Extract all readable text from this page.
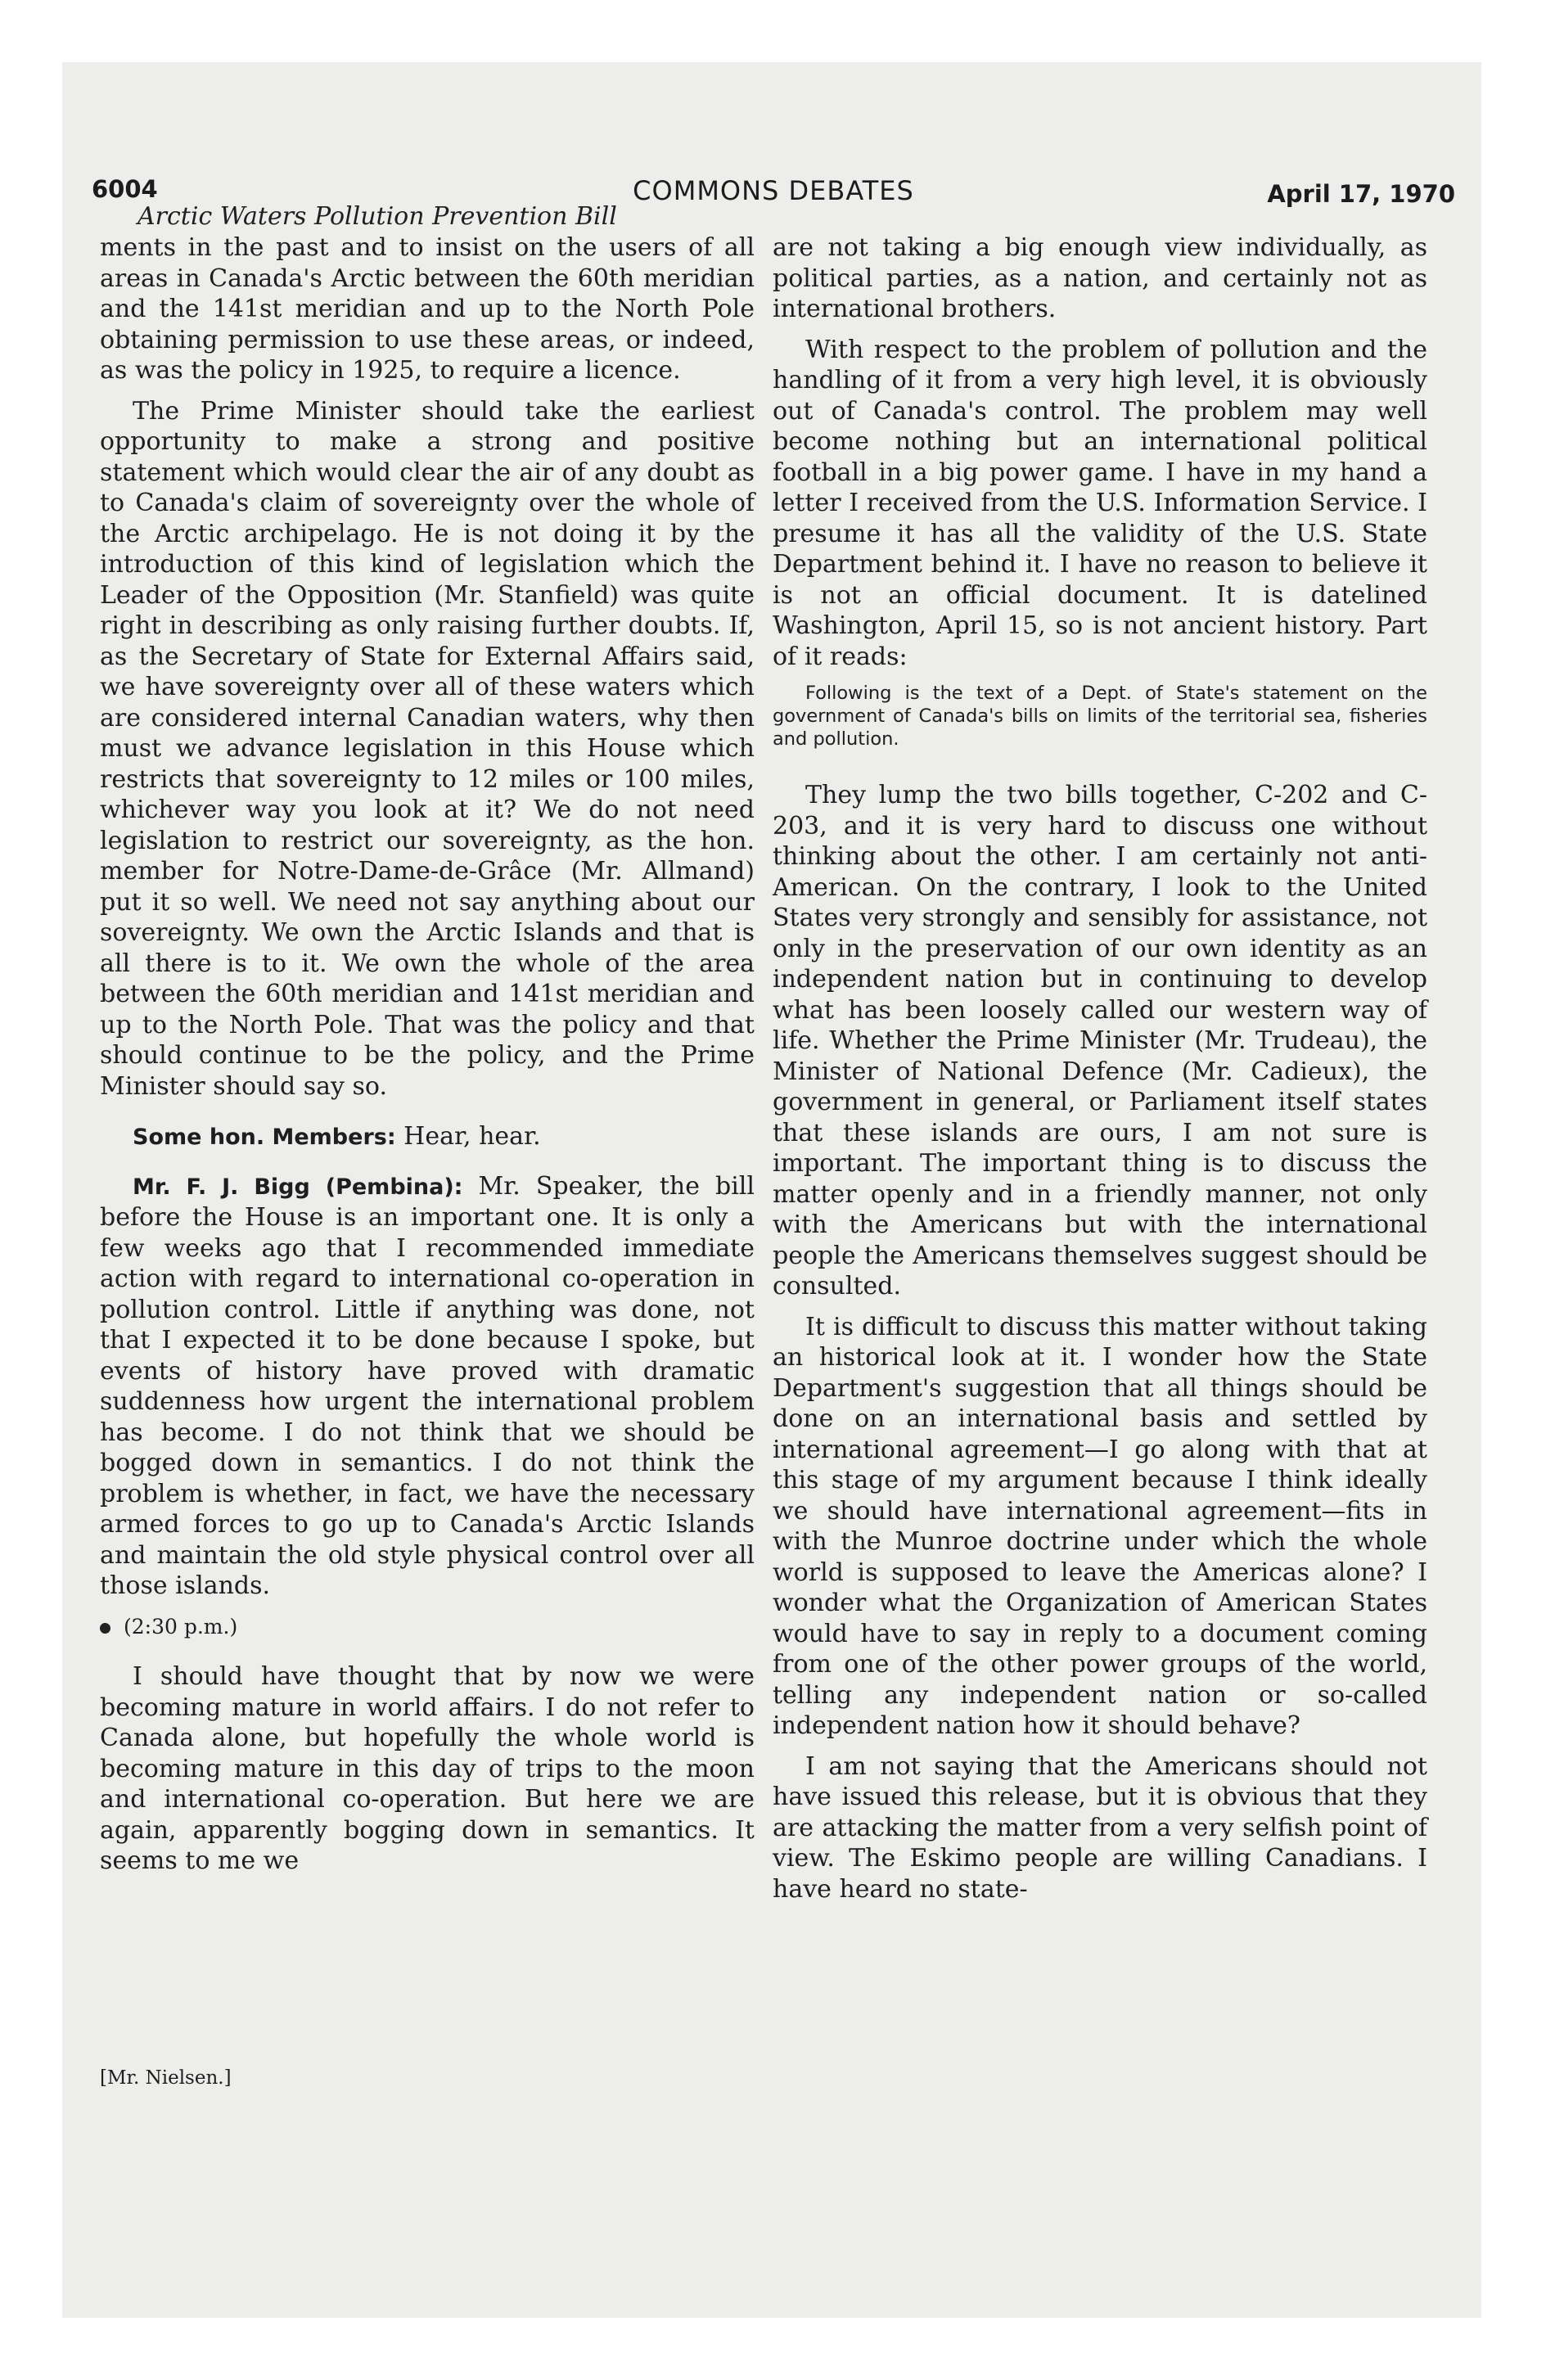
6004	COMMONS DEBATES	April 17, 1970
Arctic Waters Pollution Prevention Bill

ments in the past and to insist on the users of all areas in Canada's Arctic between the 60th meridian and the 141st meridian and up to the North Pole obtaining permission to use these areas, or indeed, as was the policy in 1925, to require a licence.

The Prime Minister should take the earliest opportunity to make a strong and positive statement which would clear the air of any doubt as to Canada's claim of sovereignty over the whole of the Arctic archipelago. He is not doing it by the introduction of this kind of legislation which the Leader of the Opposition (Mr. Stanfield) was quite right in describing as only raising further doubts. If, as the Secretary of State for External Affairs said, we have sovereignty over all of these waters which are considered internal Canadian waters, why then must we advance legislation in this House which restricts that sovereignty to 12 miles or 100 miles, whichever way you look at it? We do not need legislation to restrict our sovereignty, as the hon. member for Notre-Dame-de-Grâce (Mr. Allmand) put it so well. We need not say anything about our sovereignty. We own the Arctic Islands and that is all there is to it. We own the whole of the area between the 60th meridian and 141st meridian and up to the North Pole. That was the policy and that should continue to be the policy, and the Prime Minister should say so.

Some hon. Members: Hear, hear.

Mr. F. J. Bigg (Pembina): Mr. Speaker, the bill before the House is an important one. It is only a few weeks ago that I recommended immediate action with regard to international co-operation in pollution control. Little if anything was done, not that I expected it to be done because I spoke, but events of history have proved with dramatic suddenness how urgent the international problem has become. I do not think that we should be bogged down in semantics. I do not think the problem is whether, in fact, we have the necessary armed forces to go up to Canada's Arctic Islands and maintain the old style physical control over all those islands.

(2:30 p.m.)

I should have thought that by now we were becoming mature in world affairs. I do not refer to Canada alone, but hopefully the whole world is becoming mature in this day of trips to the moon and international co-operation. But here we are again, apparently bogging down in semantics. It seems to me we

are not taking a big enough view individually, as political parties, as a nation, and certainly not as international brothers.

With respect to the problem of pollution and the handling of it from a very high level, it is obviously out of Canada's control. The problem may well become nothing but an international political football in a big power game. I have in my hand a letter I received from the U.S. Information Service. I presume it has all the validity of the U.S. State Department behind it. I have no reason to believe it is not an official document. It is datelined Washington, April 15, so is not ancient history. Part of it reads:

Following is the text of a Dept. of State's statement on the government of Canada's bills on limits of the territorial sea, fisheries and pollution.

They lump the two bills together, C-202 and C-203, and it is very hard to discuss one without thinking about the other. I am certainly not anti-American. On the contrary, I look to the United States very strongly and sensibly for assistance, not only in the preservation of our own identity as an independent nation but in continuing to develop what has been loosely called our western way of life. Whether the Prime Minister (Mr. Trudeau), the Minister of National Defence (Mr. Cadieux), the government in general, or Parliament itself states that these islands are ours, I am not sure is important. The important thing is to discuss the matter openly and in a friendly manner, not only with the Americans but with the international people the Americans themselves suggest should be consulted.

It is difficult to discuss this matter without taking an historical look at it. I wonder how the State Department's suggestion that all things should be done on an international basis and settled by international agreement—I go along with that at this stage of my argument because I think ideally we should have international agreement—fits in with the Munroe doctrine under which the whole world is supposed to leave the Americas alone? I wonder what the Organization of American States would have to say in reply to a document coming from one of the other power groups of the world, telling any independent nation or so-called independent nation how it should behave?

I am not saying that the Americans should not have issued this release, but it is obvious that they are attacking the matter from a very selfish point of view. The Eskimo people are willing Canadians. I have heard no state-

[Mr. Nielsen.]
